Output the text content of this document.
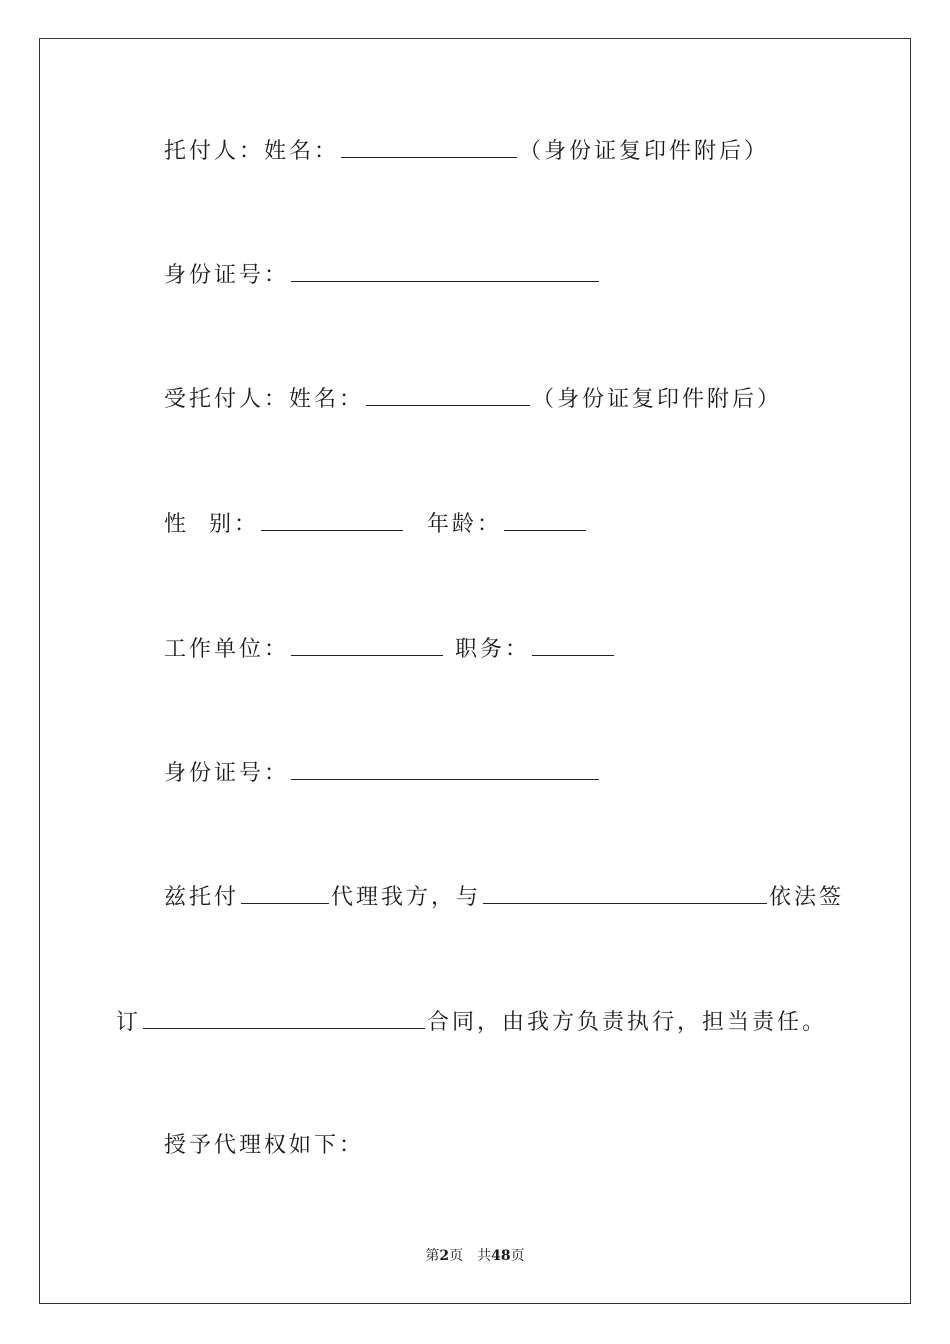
托付人：姓名：	（身份证复印件附后）
身份证号：
受托付人：姓名：	（身份证复印件附后）
性  别：	年龄：
工作单位：	职务：
身份证号：
兹托付	代理我方，与	依法签
订	合同，由我方负责执行，担当责任。
授予代理权如下：
第2页　共48页
